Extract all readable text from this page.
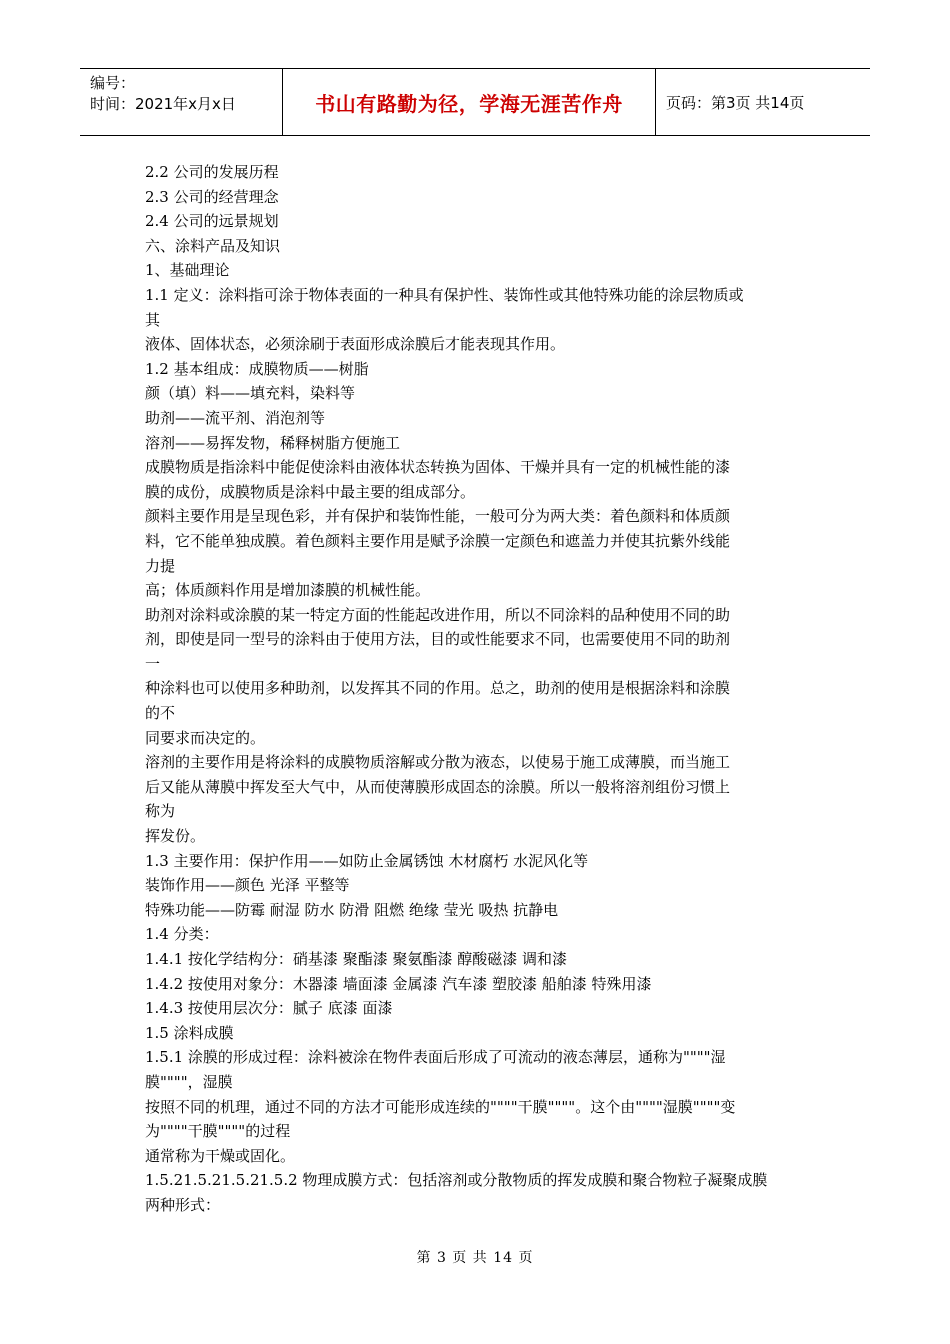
编号：
时间：2021年x月x日	书山有路勤为径，学海无涯苦作舟	页码：第3页 共14页
2.2 公司的发展历程
2.3 公司的经营理念
2.4 公司的远景规划
六、涂料产品及知识
1、基础理论
1.1 定义：涂料指可涂于物体表面的一种具有保护性、装饰性或其他特殊功能的涂层物质或
其
液体、固体状态，必须涂刷于表面形成涂膜后才能表现其作用。
1.2 基本组成：成膜物质——树脂
颜（填）料——填充料，染料等
助剂——流平剂、消泡剂等
溶剂——易挥发物，稀释树脂方便施工
成膜物质是指涂料中能促使涂料由液体状态转换为固体、干燥并具有一定的机械性能的漆
膜的成份，成膜物质是涂料中最主要的组成部分。
颜料主要作用是呈现色彩，并有保护和装饰性能，一般可分为两大类：着色颜料和体质颜
料，它不能单独成膜。着色颜料主要作用是赋予涂膜一定颜色和遮盖力并使其抗紫外线能
力提
高；体质颜料作用是增加漆膜的机械性能。
助剂对涂料或涂膜的某一特定方面的性能起改进作用，所以不同涂料的品种使用不同的助
剂，即使是同一型号的涂料由于使用方法，目的或性能要求不同，也需要使用不同的助剂
一
种涂料也可以使用多种助剂，以发挥其不同的作用。总之，助剂的使用是根据涂料和涂膜
的不
同要求而决定的。
溶剂的主要作用是将涂料的成膜物质溶解或分散为液态，以使易于施工成薄膜，而当施工
后又能从薄膜中挥发至大气中，从而使薄膜形成固态的涂膜。所以一般将溶剂组份习惯上
称为
挥发份。
1.3 主要作用：保护作用——如防止金属锈蚀 木材腐朽 水泥风化等
装饰作用——颜色 光泽 平整等
特殊功能——防霉 耐湿 防水 防滑 阻燃 绝缘 莹光 吸热 抗静电
1.4 分类：
1.4.1 按化学结构分：硝基漆 聚酯漆 聚氨酯漆 醇酸磁漆 调和漆
1.4.2 按使用对象分：木器漆 墙面漆 金属漆 汽车漆 塑胶漆 船舶漆 特殊用漆
1.4.3 按使用层次分：腻子 底漆 面漆
1.5 涂料成膜
1.5.1 涂膜的形成过程：涂料被涂在物件表面后形成了可流动的液态薄层，通称为""""湿
膜""""，湿膜
按照不同的机理，通过不同的方法才可能形成连续的""""干膜""""。这个由""""湿膜""""变
为""""干膜""""的过程
通常称为干燥或固化。
1.5.21.5.21.5.21.5.2 物理成膜方式：包括溶剂或分散物质的挥发成膜和聚合物粒子凝聚成膜
两种形式：
第 3 页 共 14 页
